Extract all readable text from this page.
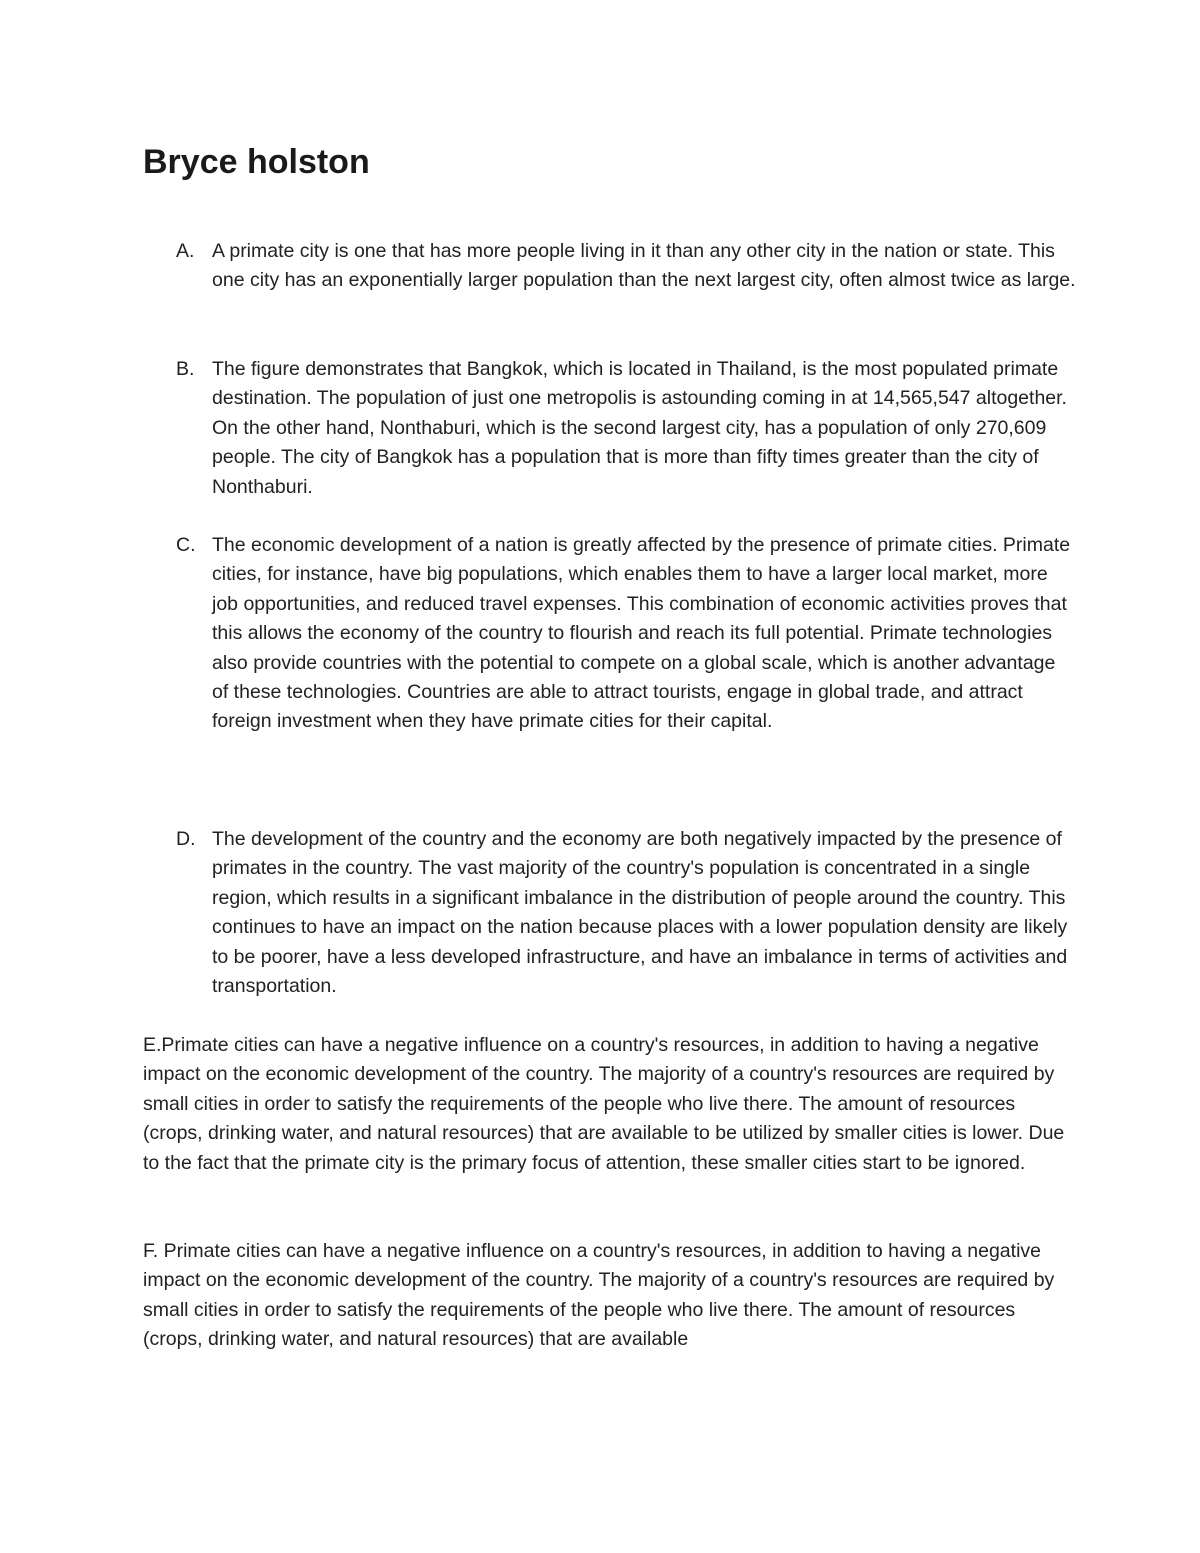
Bryce holston
A. A primate city is one that has more people living in it than any other city in the nation or state. This one city has an exponentially larger population than the next largest city, often almost twice as large.
B. The figure demonstrates that Bangkok, which is located in Thailand, is the most populated primate destination. The population of just one metropolis is astounding coming in at 14,565,547 altogether. On the other hand, Nonthaburi, which is the second largest city, has a population of only 270,609 people. The city of Bangkok has a population that is more than fifty times greater than the city of Nonthaburi.
C. The economic development of a nation is greatly affected by the presence of primate cities. Primate cities, for instance, have big populations, which enables them to have a larger local market, more job opportunities, and reduced travel expenses. This combination of economic activities proves that this allows the economy of the country to flourish and reach its full potential. Primate technologies also provide countries with the potential to compete on a global scale, which is another advantage of these technologies. Countries are able to attract tourists, engage in global trade, and attract foreign investment when they have primate cities for their capital.
D. The development of the country and the economy are both negatively impacted by the presence of primates in the country. The vast majority of the country's population is concentrated in a single region, which results in a significant imbalance in the distribution of people around the country. This continues to have an impact on the nation because places with a lower population density are likely to be poorer, have a less developed infrastructure, and have an imbalance in terms of activities and transportation.

E.Primate cities can have a negative influence on a country's resources, in addition to having a negative impact on the economic development of the country. The majority of a country's resources are required by small cities in order to satisfy the requirements of the people who live there. The amount of resources (crops, drinking water, and natural resources) that are available to be utilized by smaller cities is lower. Due to the fact that the primate city is the primary focus of attention, these smaller cities start to be ignored.

F. Primate cities can have a negative influence on a country's resources, in addition to having a negative impact on the economic development of the country. The majority of a country's resources are required by small cities in order to satisfy the requirements of the people who live there. The amount of resources (crops, drinking water, and natural resources) that are available
